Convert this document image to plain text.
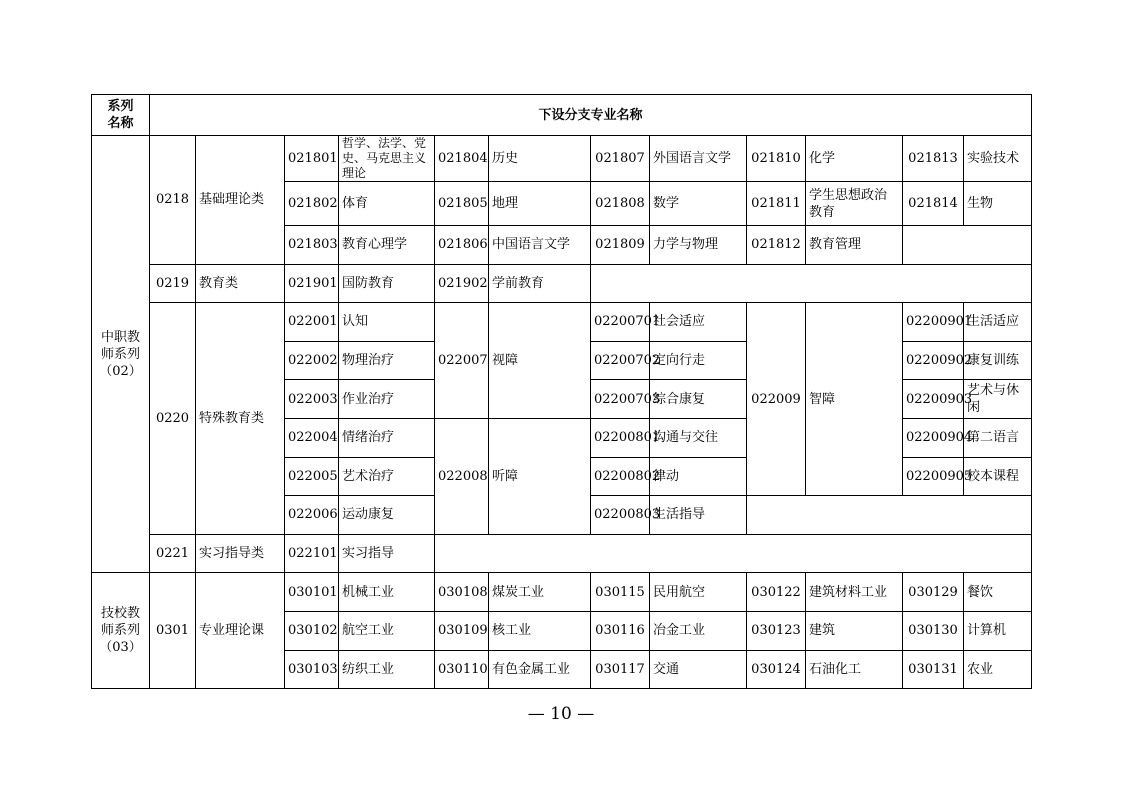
系列
名称	下设分支专业名称											
中职教
师系列
（02）	0218	基础理论类	021801	哲学、法学、党史、马克思主义理论	021804	历史	021807	外国语言文学	021810	化学	021813	实验技术
			021802	体育	021805	地理	021808	数学	021811	学生思想政治教育	021814	生物
			021803	教育心理学	021806	中国语言文学	021809	力学与物理	021812	教育管理		
	0219	教育类	021901	国防教育	021902	学前教育						
	0220	特殊教育类	022001	认知	022007	视障	02200701	社会适应	022009	智障	02200901	生活适应
			022002	物理治疗			02200702	定向行走			02200902	康复训练
			022003	作业治疗			02200703	综合康复			02200903	艺术与休闲
			022004	情绪治疗	022008	听障	02200801	沟通与交往			02200904	第二语言
			022005	艺术治疗			02200802	律动			02200905	校本课程
			022006	运动康复			02200803	生活指导				
	0221	实习指导类	022101	实习指导								
技校教
师系列
（03）	0301	专业理论课	030101	机械工业	030108	煤炭工业	030115	民用航空	030122	建筑材料工业	030129	餐饮
			030102	航空工业	030109	核工业	030116	冶金工业	030123	建筑	030130	计算机
			030103	纺织工业	030110	有色金属工业	030117	交通	030124	石油化工	030131	农业
— 10 —
